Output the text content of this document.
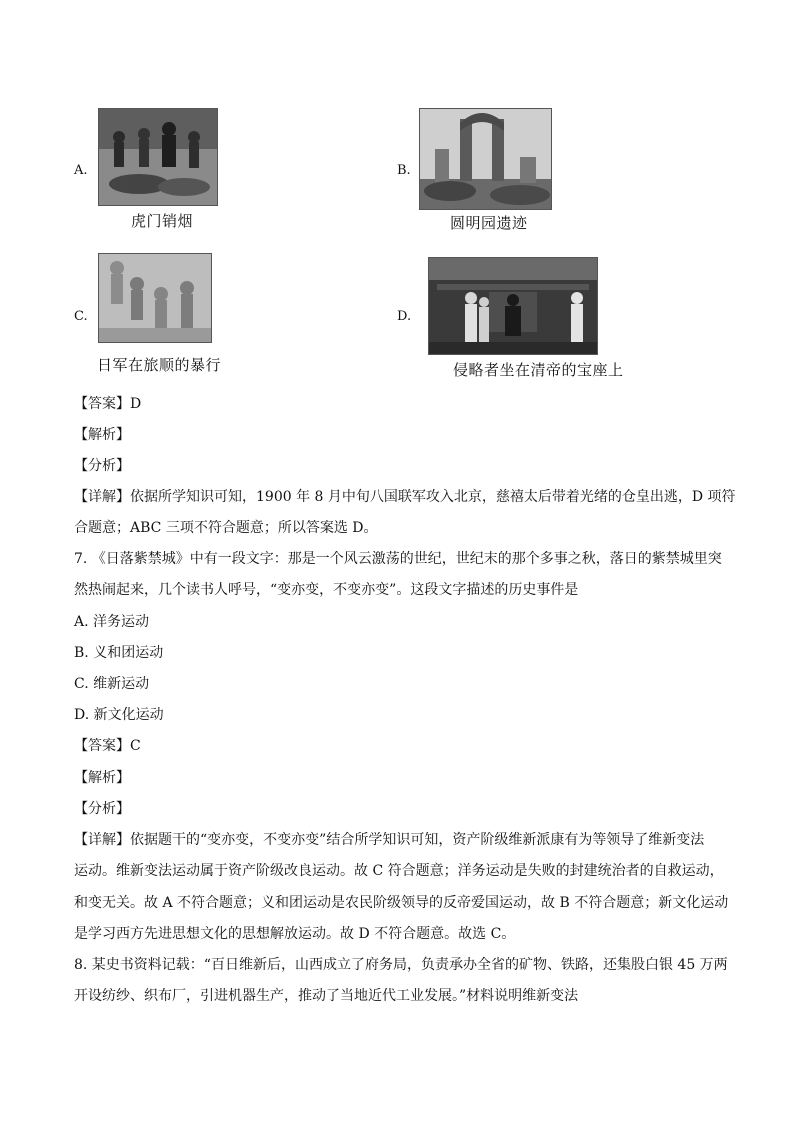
A.
虎门销烟
B.
圆明园遗迹
C.
日军在旅顺的暴行
D.
侵略者坐在清帝的宝座上
【答案】D
【解析】
【分析】
【详解】依据所学知识可知，1900 年 8 月中旬八国联军攻入北京，慈禧太后带着光绪的仓皇出逃，D 项符
合题意；ABC 三项不符合题意；所以答案选 D。
7. 《日落紫禁城》中有一段文字：那是一个风云激荡的世纪，世纪末的那个多事之秋，落日的紫禁城里突
然热闹起来，几个读书人呼号，“变亦变，不变亦变”。这段文字描述的历史事件是
A. 洋务运动
B. 义和团运动
C. 维新运动
D. 新文化运动
【答案】C
【解析】
【分析】
【详解】依据题干的“变亦变，不变亦变”结合所学知识可知，资产阶级维新派康有为等领导了维新变法
运动。维新变法运动属于资产阶级改良运动。故 C 符合题意；洋务运动是失败的封建统治者的自救运动，
和变无关。故 A 不符合题意；义和团运动是农民阶级领导的反帝爱国运动，故 B 不符合题意；新文化运动
是学习西方先进思想文化的思想解放运动。故 D 不符合题意。故选 C。
8. 某史书资料记载：“百日维新后，山西成立了府务局，负责承办全省的矿物、铁路，还集股白银 45 万两
开设纺纱、织布厂，引进机器生产，推动了当地近代工业发展。”材料说明维新变法
